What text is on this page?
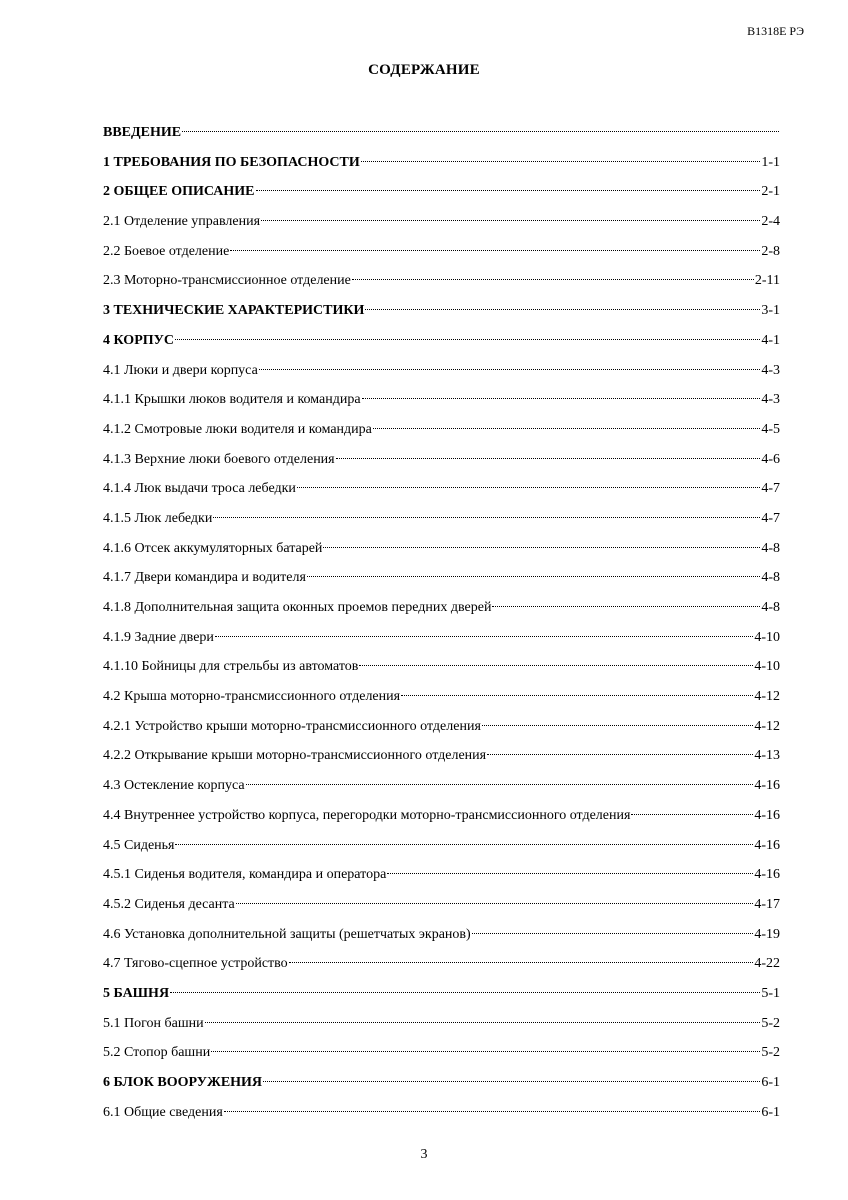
В1318Е РЭ
СОДЕРЖАНИЕ
ВВЕДЕНИЕ
1 ТРЕБОВАНИЯ ПО БЕЗОПАСНОСТИ	1-1
2 ОБЩЕЕ ОПИСАНИЕ	2-1
2.1 Отделение управления	2-4
2.2 Боевое отделение	2-8
2.3 Моторно-трансмиссионное отделение	2-11
3 ТЕХНИЧЕСКИЕ ХАРАКТЕРИСТИКИ	3-1
4 КОРПУС	4-1
4.1 Люки и двери корпуса	4-3
4.1.1 Крышки люков водителя и командира	4-3
4.1.2 Смотровые люки водителя и командира	4-5
4.1.3 Верхние люки боевого отделения	4-6
4.1.4 Люк выдачи троса лебедки	4-7
4.1.5 Люк лебедки	4-7
4.1.6 Отсек аккумуляторных батарей	4-8
4.1.7 Двери командира и водителя	4-8
4.1.8 Дополнительная защита оконных проемов передних дверей	4-8
4.1.9 Задние двери	4-10
4.1.10 Бойницы для стрельбы из автоматов	4-10
4.2 Крыша моторно-трансмиссионного отделения	4-12
4.2.1 Устройство крыши моторно-трансмиссионного отделения	4-12
4.2.2 Открывание крыши моторно-трансмиссионного отделения	4-13
4.3 Остекление корпуса	4-16
4.4 Внутреннее устройство корпуса, перегородки моторно-трансмиссионного отделения	4-16
4.5 Сиденья	4-16
4.5.1 Сиденья водителя, командира и оператора	4-16
4.5.2 Сиденья десанта	4-17
4.6 Установка дополнительной защиты (решетчатых экранов)	4-19
4.7 Тягово-сцепное устройство	4-22
5 БАШНЯ	5-1
5.1 Погон башни	5-2
5.2 Стопор башни	5-2
6 БЛОК ВООРУЖЕНИЯ	6-1
6.1 Общие сведения	6-1
3
